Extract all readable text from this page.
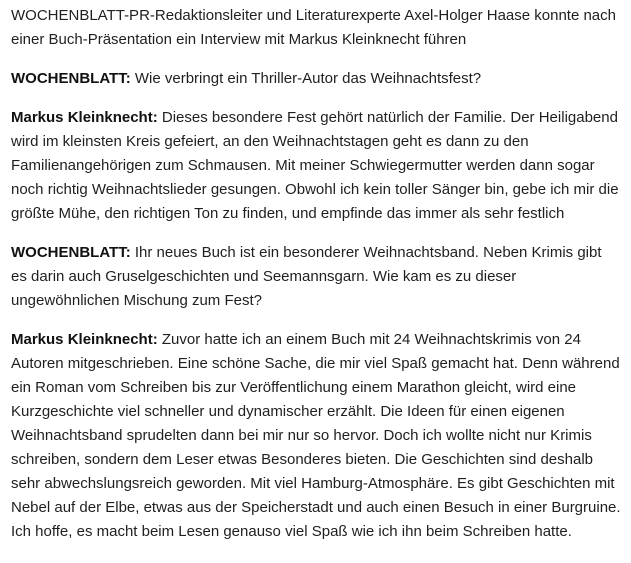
WOCHENBLATT-PR-Redaktionsleiter und Literaturexperte Axel-Holger Haase konnte nach einer Buch-Präsentation ein Interview mit Markus Kleinknecht führen

WOCHENBLATT: Wie verbringt ein Thriller-Autor das Weihnachtsfest?

Markus Kleinknecht: Dieses besondere Fest gehört natürlich der Familie. Der Heiligabend wird im kleinsten Kreis gefeiert, an den Weihnachtstagen geht es dann zu den Familienangehörigen zum Schmausen. Mit meiner Schwiegermutter werden dann sogar noch richtig Weihnachtslieder gesungen. Obwohl ich kein toller Sänger bin, gebe ich mir die größte Mühe, den richtigen Ton zu finden, und empfinde das immer als sehr festlich

WOCHENBLATT: Ihr neues Buch ist ein besonderer Weihnachtsband. Neben Krimis gibt es darin auch Gruselgeschichten und Seemannsgarn. Wie kam es zu dieser ungewöhnlichen Mischung zum Fest?

Markus Kleinknecht: Zuvor hatte ich an einem Buch mit 24 Weihnachtskrimis von 24 Autoren mitgeschrieben. Eine schöne Sache, die mir viel Spaß gemacht hat. Denn während ein Roman vom Schreiben bis zur Veröffentlichung einem Marathon gleicht, wird eine Kurzgeschichte viel schneller und dynamischer erzählt. Die Ideen für einen eigenen Weihnachtsband sprudelten dann bei mir nur so hervor. Doch ich wollte nicht nur Krimis schreiben, sondern dem Leser etwas Besonderes bieten. Die Geschichten sind deshalb sehr abwechslungsreich geworden. Mit viel Hamburg-Atmosphäre. Es gibt Geschichten mit Nebel auf der Elbe, etwas aus der Speicherstadt und auch einen Besuch in einer Burgruine. Ich hoffe, es macht beim Lesen genauso viel Spaß wie ich ihn beim Schreiben hatte.
